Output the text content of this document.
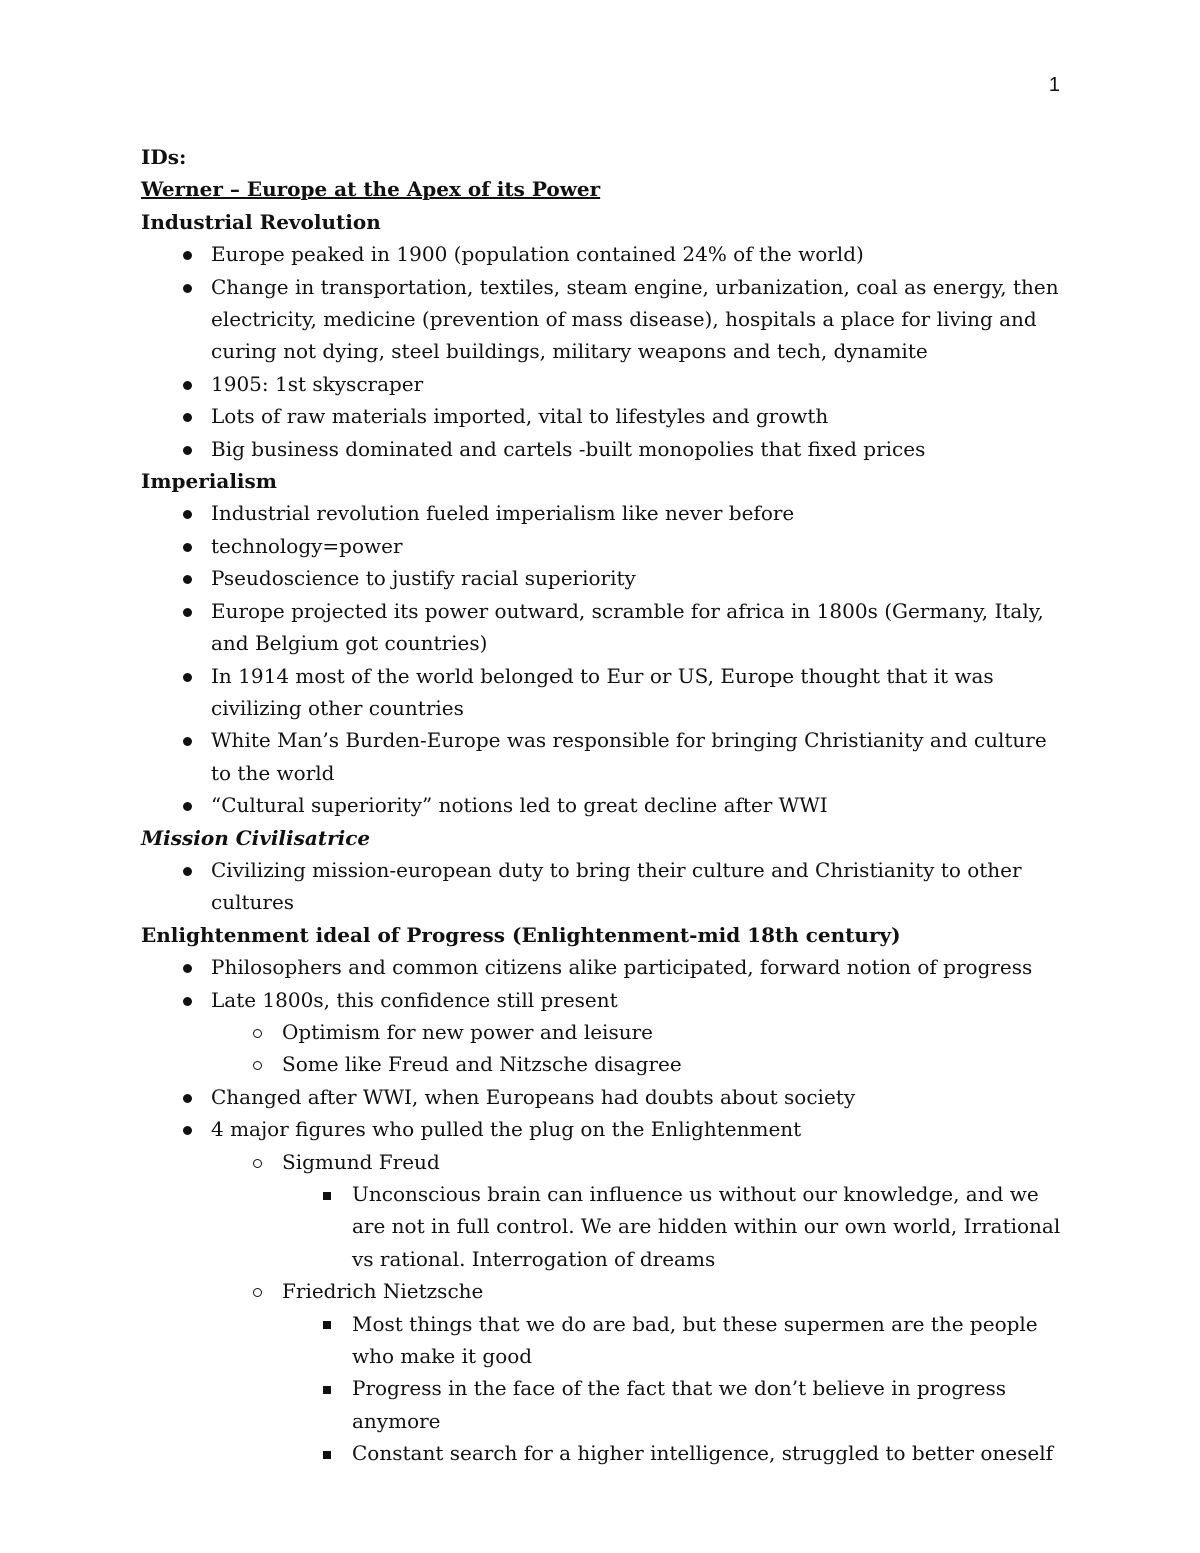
1

IDs:

Werner – Europe at the Apex of its Power

Industrial Revolution

Europe peaked in 1900 (population contained 24% of the world)
Change in transportation, textiles, steam engine, urbanization, coal as energy, then electricity, medicine (prevention of mass disease), hospitals a place for living and curing not dying, steel buildings, military weapons and tech, dynamite
1905: 1st skyscraper
Lots of raw materials imported, vital to lifestyles and growth
Big business dominated and cartels -built monopolies that fixed prices

Imperialism

Industrial revolution fueled imperialism like never before
technology=power
Pseudoscience to justify racial superiority
Europe projected its power outward, scramble for africa in 1800s (Germany, Italy, and Belgium got countries)
In 1914 most of the world belonged to Eur or US, Europe thought that it was civilizing other countries
White Man’s Burden-Europe was responsible for bringing Christianity and culture to the world
“Cultural superiority” notions led to great decline after WWI

Mission Civilisatrice

Civilizing mission-european duty to bring their culture and Christianity to other cultures

Enlightenment ideal of Progress (Enlightenment-mid 18th century)

Philosophers and common citizens alike participated, forward notion of progress
Late 1800s, this confidence still present
Optimism for new power and leisure
Some like Freud and Nitzsche disagree
Changed after WWI, when Europeans had doubts about society
4 major figures who pulled the plug on the Enlightenment
Sigmund Freud
Unconscious brain can influence us without our knowledge, and we are not in full control. We are hidden within our own world, Irrational vs rational. Interrogation of dreams
Friedrich Nietzsche
Most things that we do are bad, but these supermen are the people who make it good
Progress in the face of the fact that we don’t believe in progress anymore
Constant search for a higher intelligence, struggled to better oneself
